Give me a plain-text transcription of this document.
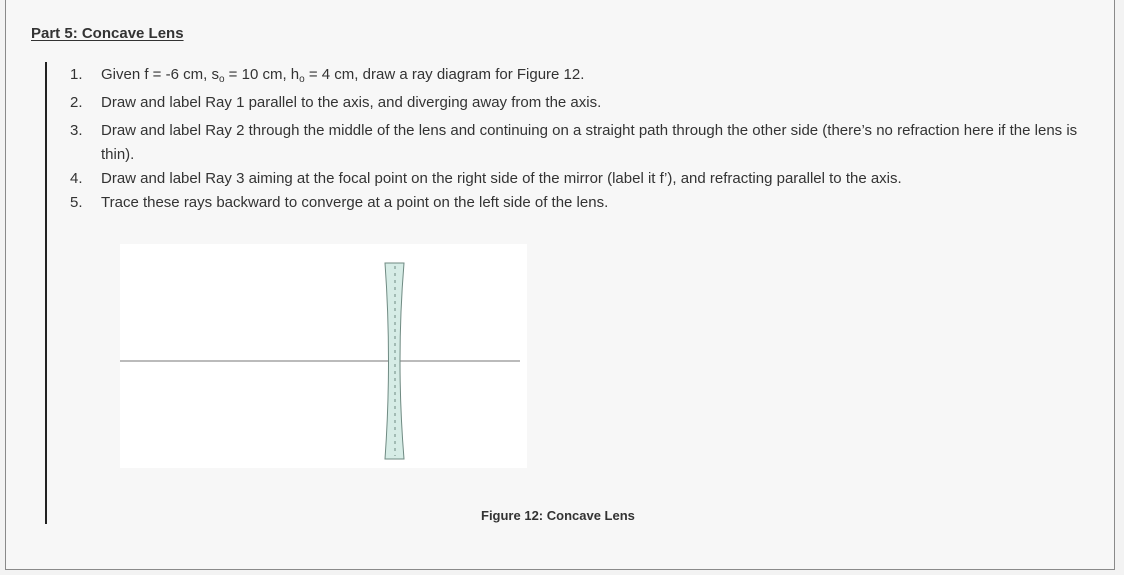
Part 5: Concave Lens
1. Given f = -6 cm, $s_o = 10$ cm, $h_o = 4$ cm, draw a ray diagram for Figure 12.
2. Draw and label Ray 1 parallel to the axis, and diverging away from the axis.
3. Draw and label Ray 2 through the middle of the lens and continuing on a straight path through the other side (there’s no refraction here if the lens is thin).
4. Draw and label Ray 3 aiming at the focal point on the right side of the mirror (label it f’), and refracting parallel to the axis.
5. Trace these rays backward to converge at a point on the left side of the lens.
Figure 12: Concave Lens
